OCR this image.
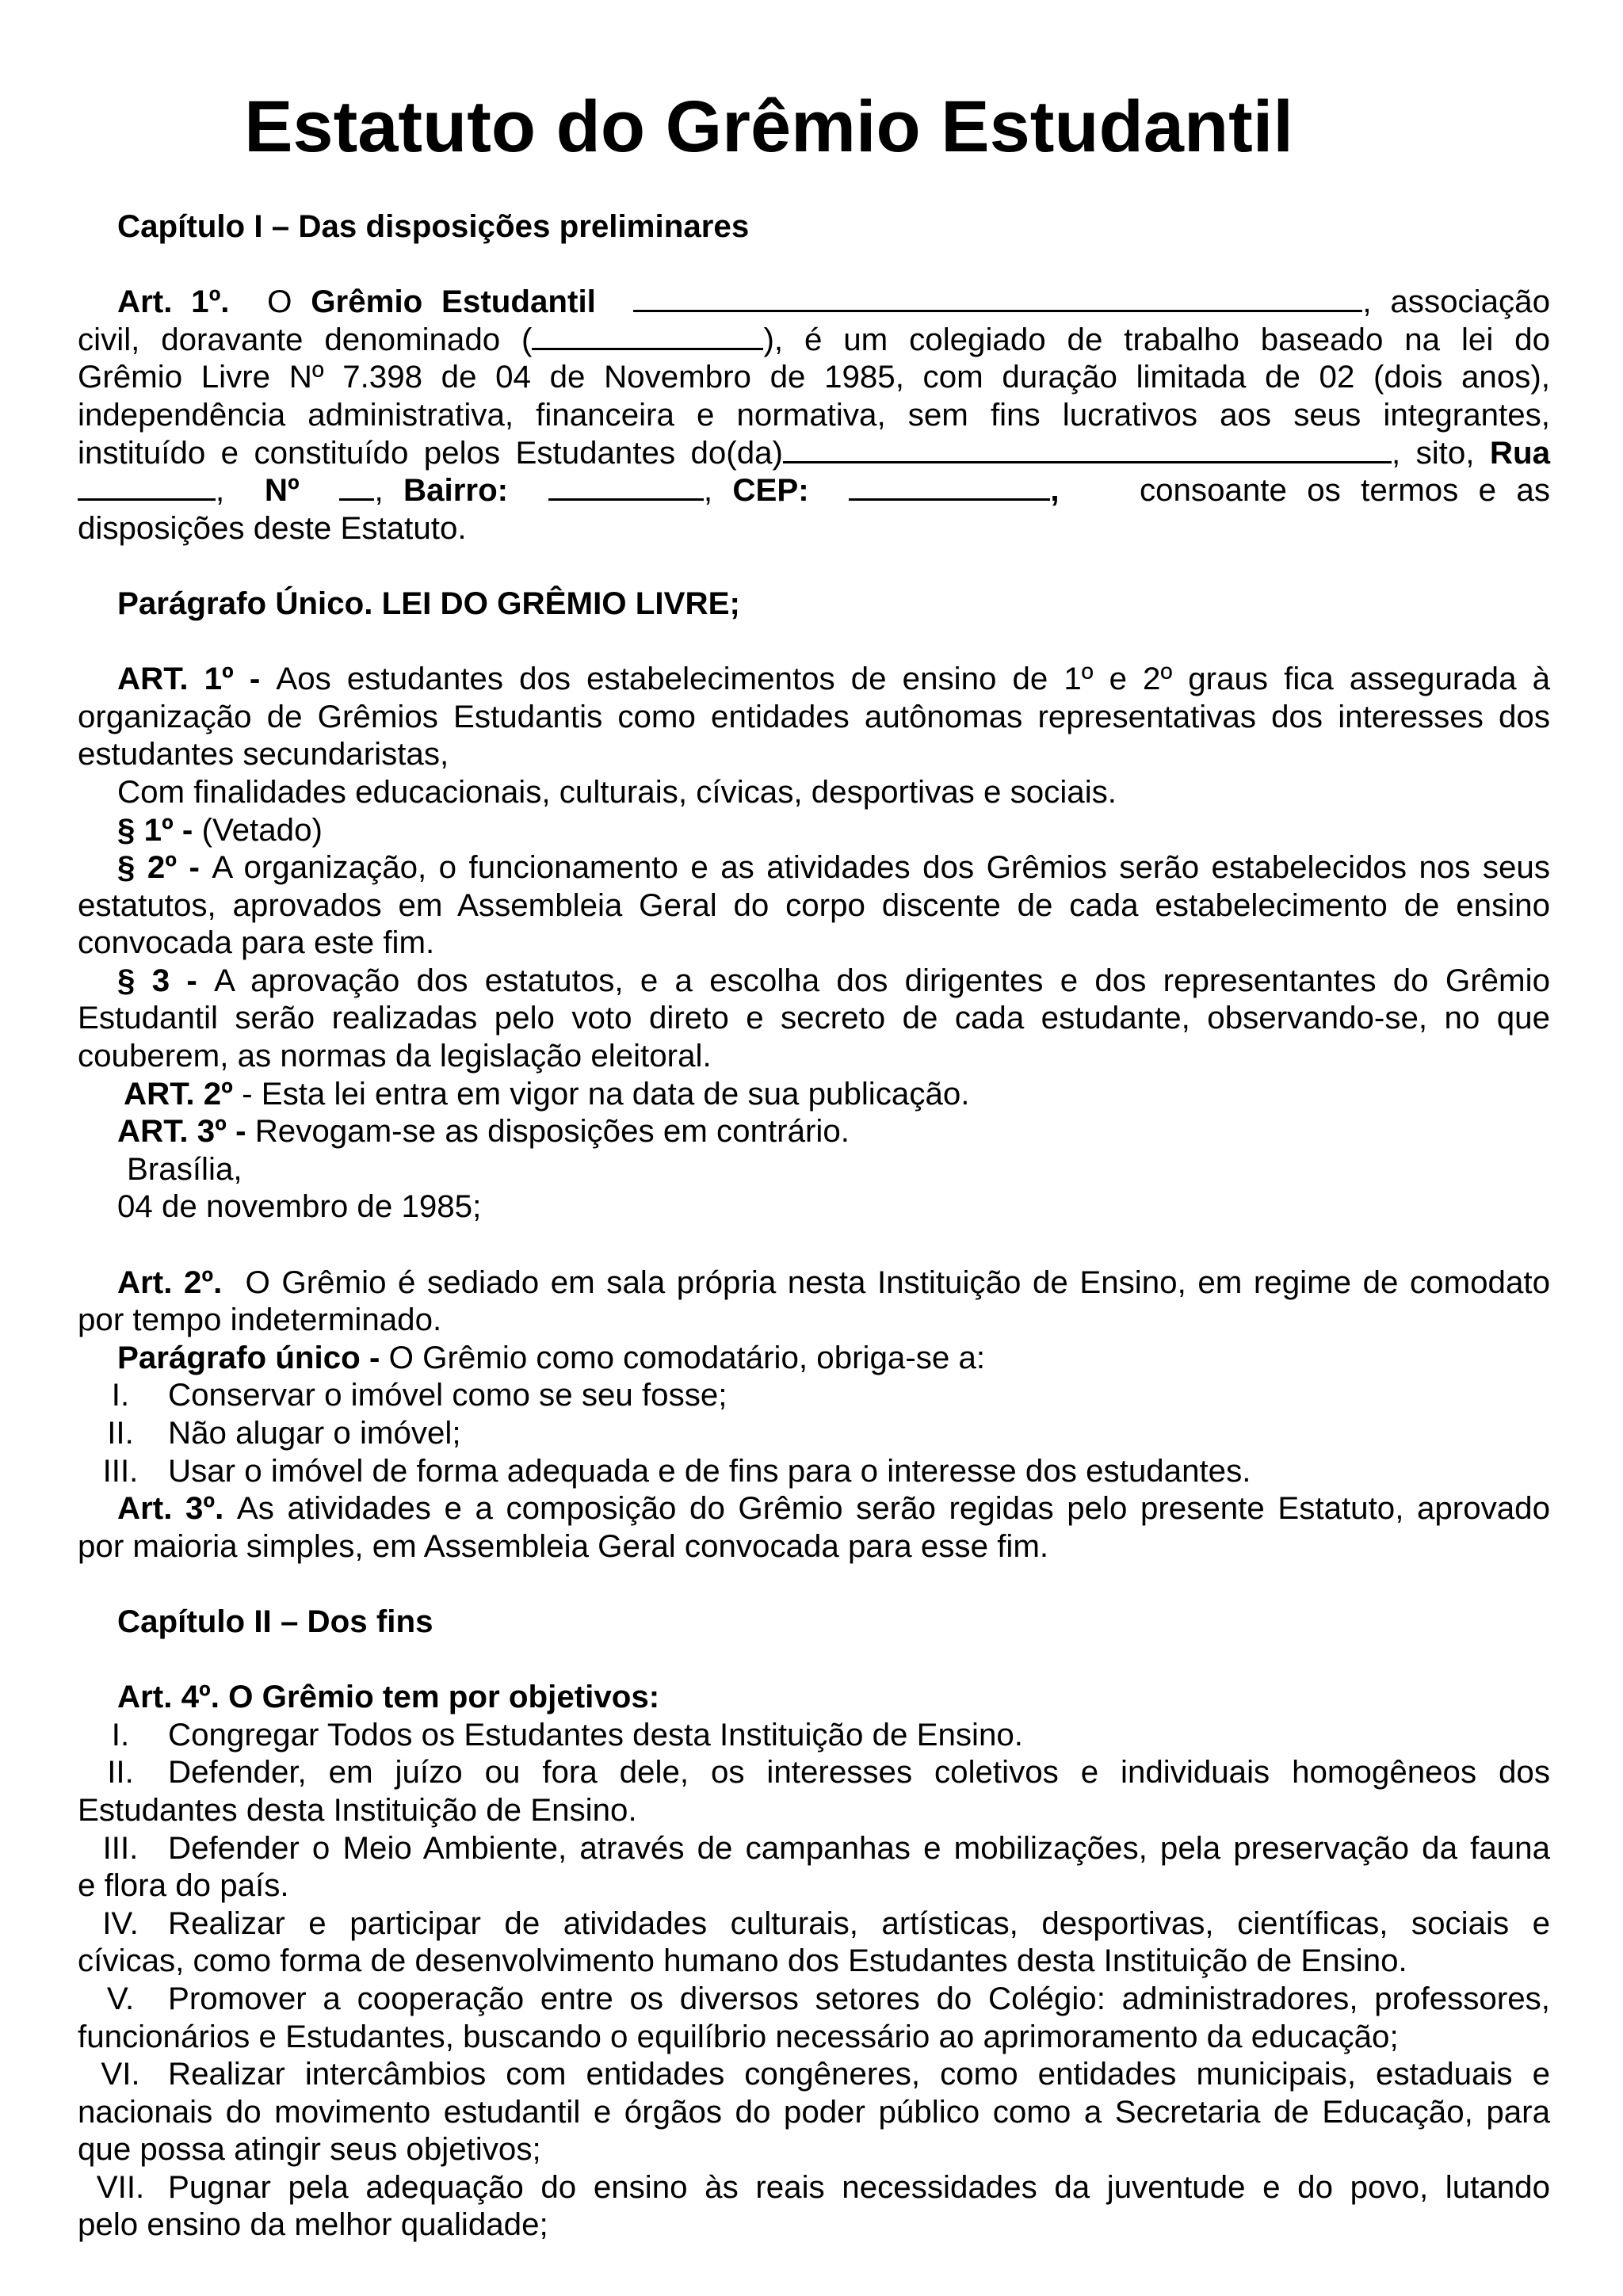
Estatuto do Grêmio Estudantil
Capítulo I – Das disposições preliminares
Art. 1º. O Grêmio Estudantil	, associação
civil, doravante denominado (	), é um colegiado de trabalho baseado na lei do
Grêmio Livre Nº 7.398 de 04 de Novembro de 1985, com duração limitada de 02 (dois anos),
independência administrativa, financeira e normativa, sem fins lucrativos aos seus integrantes,
instituído e constituído pelos Estudantes do(da)	, sito, Rua
, Nº , Bairro:	, CEP:	,	consoante os termos e as
disposições deste Estatuto.
Parágrafo Único. LEI DO GRÊMIO LIVRE;
ART. 1º - Aos estudantes dos estabelecimentos de ensino de 1º e 2º graus fica assegurada à
organização de Grêmios Estudantis como entidades autônomas representativas dos interesses dos
estudantes secundaristas,
Com finalidades educacionais, culturais, cívicas, desportivas e sociais.
§ 1º - (Vetado)
§ 2º - A organização, o funcionamento e as atividades dos Grêmios serão estabelecidos nos seus
estatutos, aprovados em Assembleia Geral do corpo discente de cada estabelecimento de ensino
convocada para este fim.
§ 3 - A aprovação dos estatutos, e a escolha dos dirigentes e dos representantes do Grêmio
Estudantil serão realizadas pelo voto direto e secreto de cada estudante, observando-se, no que
couberem, as normas da legislação eleitoral.
ART. 2º - Esta lei entra em vigor na data de sua publicação.
ART. 3º - Revogam-se as disposições em contrário.
Brasília,
04 de novembro de 1985;
Art. 2º. O Grêmio é sediado em sala própria nesta Instituição de Ensino, em regime de comodato
por tempo indeterminado.
Parágrafo único - O Grêmio como comodatário, obriga-se a:
I.	Conservar o imóvel como se seu fosse;
II.	Não alugar o imóvel;
III. Usar o imóvel de forma adequada e de fins para o interesse dos estudantes.
Art. 3º. As atividades e a composição do Grêmio serão regidas pelo presente Estatuto, aprovado
por maioria simples, em Assembleia Geral convocada para esse fim.
Capítulo II – Dos fins
Art. 4º. O Grêmio tem por objetivos:
I.	Congregar Todos os Estudantes desta Instituição de Ensino.
II.	Defender, em juízo ou fora dele, os interesses coletivos e individuais homogêneos dos
Estudantes desta Instituição de Ensino.
III. Defender o Meio Ambiente, através de campanhas e mobilizações, pela preservação da fauna
e flora do país.
IV. Realizar e participar de atividades culturais, artísticas, desportivas, científicas, sociais e
cívicas, como forma de desenvolvimento humano dos Estudantes desta Instituição de Ensino.
V.	Promover a cooperação entre os diversos setores do Colégio: administradores, professores,
funcionários e Estudantes, buscando o equilíbrio necessário ao aprimoramento da educação;
VI. Realizar intercâmbios com entidades congêneres, como entidades municipais, estaduais e
nacionais do movimento estudantil e órgãos do poder público como a Secretaria de Educação, para
que possa atingir seus objetivos;
VII. Pugnar pela adequação do ensino às reais necessidades da juventude e do povo, lutando
pelo ensino da melhor qualidade;
